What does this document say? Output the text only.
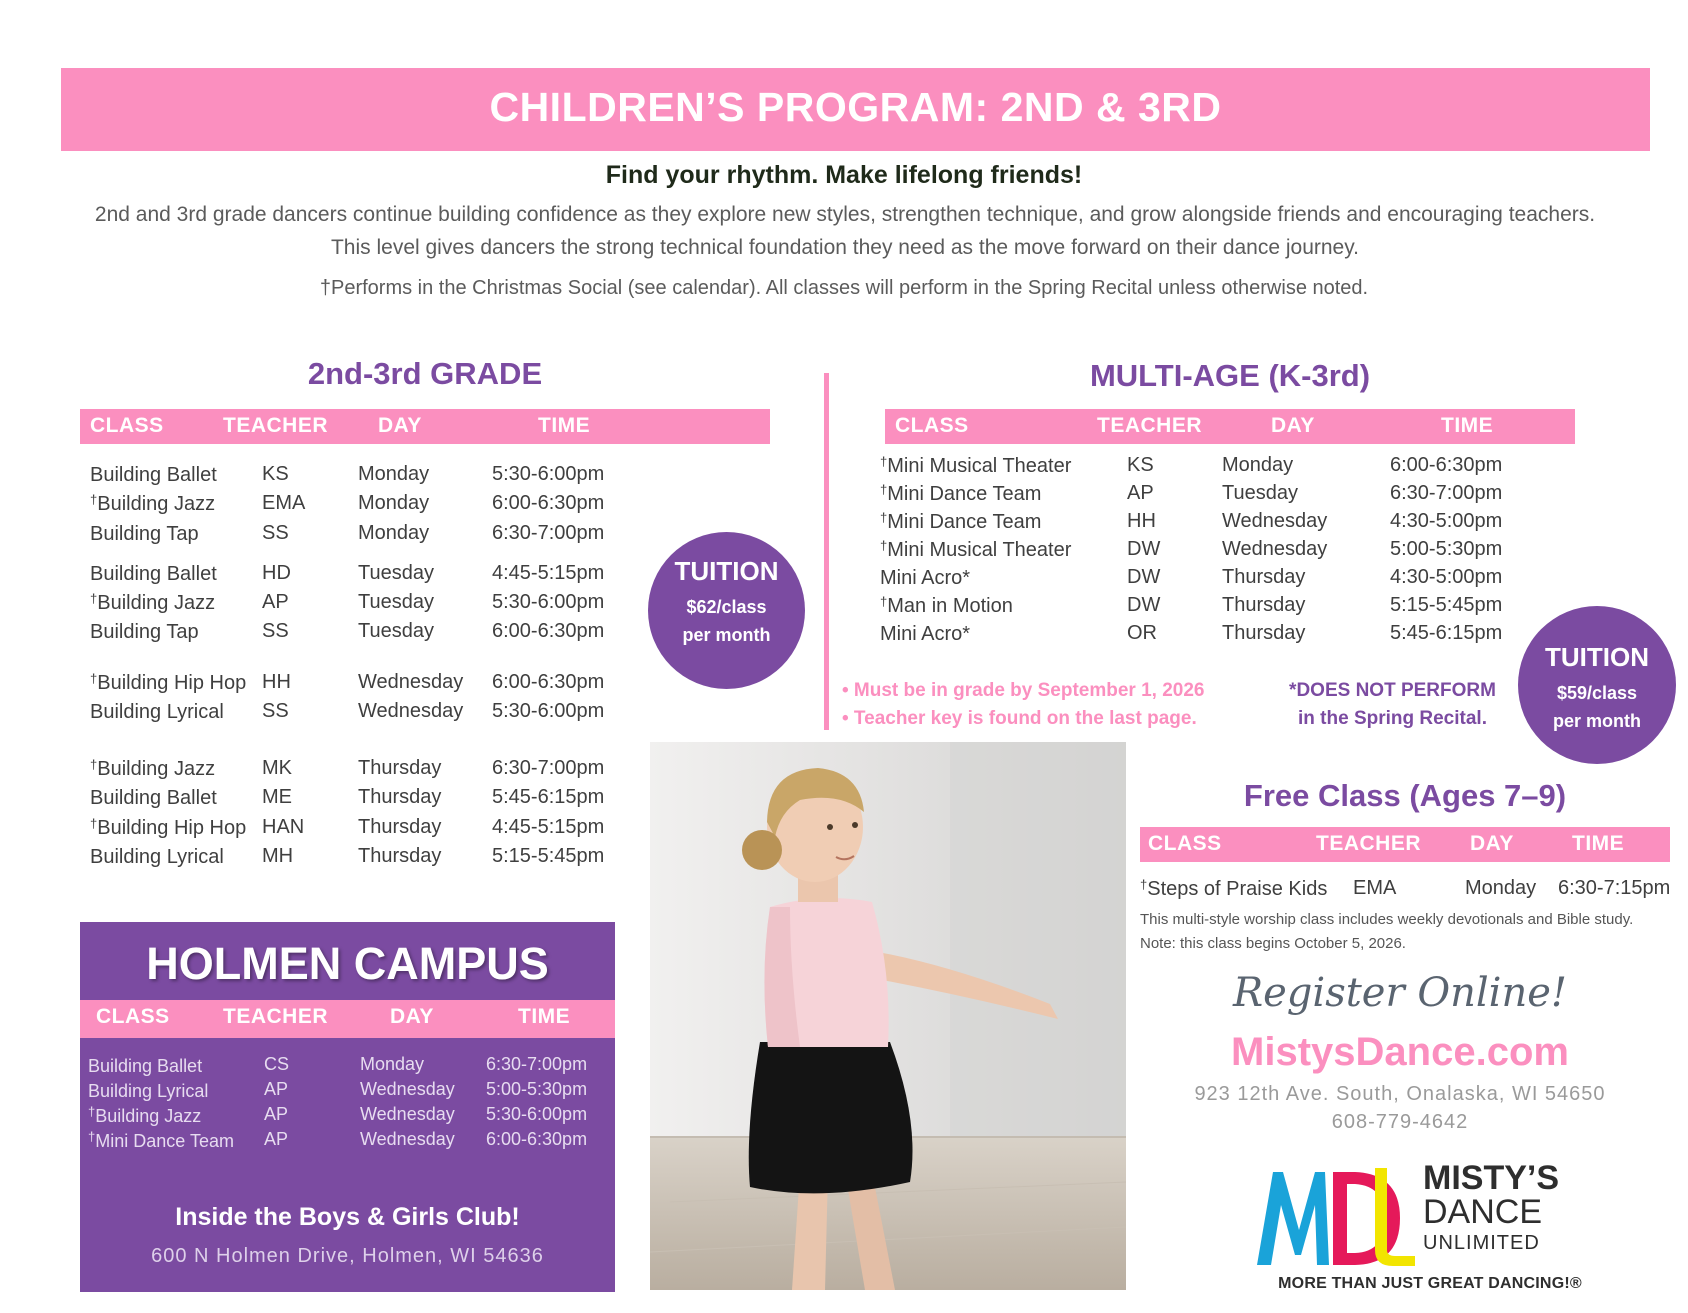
CHILDREN’S PROGRAM: 2ND & 3RD
Find your rhythm. Make lifelong friends!
2nd and 3rd grade dancers continue building confidence as they explore new styles, strengthen technique, and grow alongside friends and encouraging teachers. This level gives dancers the strong technical foundation they need as the move forward on their dance journey.
†Performs in the Christmas Social (see calendar). All classes will perform in the Spring Recital unless otherwise noted.
2nd-3rd GRADE
CLASS	TEACHER DAY	TIME
Building Ballet KS	Monday	5:30-6:00pm
†Building Jazz EMA	Monday	6:00-6:30pm
Building Tap	SS	Monday	6:30-7:00pm
Building Ballet HD	Tuesday	4:45-5:15pm
†Building Jazz AP	Tuesday	5:30-6:00pm
Building Tap	SS	Tuesday	6:00-6:30pm
†Building Hip Hop HH	Wednesday 6:00-6:30pm
Building Lyrical SS	Wednesday 5:30-6:00pm
†Building Jazz MK	Thursday	6:30-7:00pm
Building Ballet ME	Thursday	5:45-6:15pm
†Building Hip Hop HAN	Thursday	4:45-5:15pm
Building Lyrical MH	Thursday	5:15-5:45pm
TUITION
$62/class
per month
MULTI-AGE (K-3rd)
CLASS	TEACHER	DAY	TIME
†Mini Musical Theater	KS	Monday	6:00-6:30pm
†Mini Dance Team	AP	Tuesday	6:30-7:00pm
†Mini Dance Team	HH	Wednesday	4:30-5:00pm
†Mini Musical Theater	DW	Wednesday	5:00-5:30pm
Mini Acro*	DW	Thursday	4:30-5:00pm
†Man in Motion	DW	Thursday	5:15-5:45pm
Mini Acro*	OR	Thursday	5:45-6:15pm
• Must be in grade by September 1, 2026
• Teacher key is found on the last page.
*DOES NOT PERFORM
in the Spring Recital.
TUITION
$59/class
per month
Free Class (Ages 7–9)
CLASS	TEACHER DAY	TIME
†Steps of Praise Kids EMA	Monday 6:30-7:15pm
This multi-style worship class includes weekly devotionals and Bible study.
Note: this class begins October 5, 2026.
HOLMEN CAMPUS
CLASS	TEACHER	DAY	TIME
Building Ballet	CS	Monday	6:30-7:00pm
Building Lyrical	AP	Wednesday 5:00-5:30pm
†Building Jazz	AP	Wednesday 5:30-6:00pm
†Mini Dance Team AP	Wednesday 6:00-6:30pm
Inside the Boys & Girls Club!
600 N Holmen Drive, Holmen, WI 54636
Register Online!
MistysDance.com
923 12th Ave. South, Onalaska, WI 54650
608-779-4642
MISTY’S
DANCE
UNLIMITED
MORE THAN JUST GREAT DANCING!®
